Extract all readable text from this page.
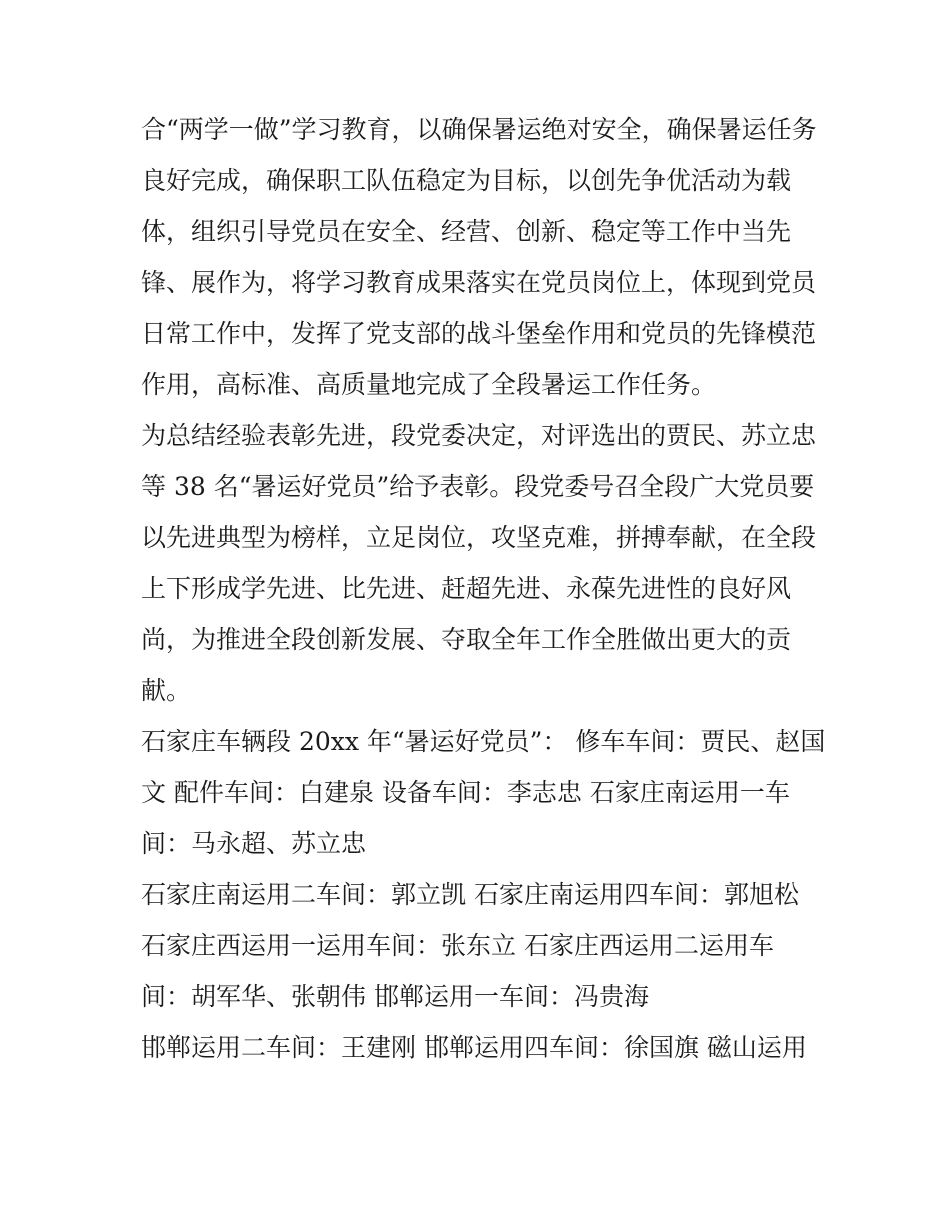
合“两学一做”学习教育，以确保暑运绝对安全，确保暑运任务
良好完成，确保职工队伍稳定为目标，以创先争优活动为载
体，组织引导党员在安全、经营、创新、稳定等工作中当先
锋、展作为，将学习教育成果落实在党员岗位上，体现到党员
日常工作中，发挥了党支部的战斗堡垒作用和党员的先锋模范
作用，高标准、高质量地完成了全段暑运工作任务。
为总结经验表彰先进，段党委决定，对评选出的贾民、苏立忠
等 38 名“暑运好党员”给予表彰。段党委号召全段广大党员要
以先进典型为榜样，立足岗位，攻坚克难，拼搏奉献，在全段
上下形成学先进、比先进、赶超先进、永葆先进性的良好风
尚，为推进全段创新发展、夺取全年工作全胜做出更大的贡
献。
石家庄车辆段 20xx 年“暑运好党员”： 修车车间：贾民、赵国
文 配件车间：白建泉 设备车间：李志忠 石家庄南运用一车
间：马永超、苏立忠
石家庄南运用二车间：郭立凯 石家庄南运用四车间：郭旭松
石家庄西运用一运用车间：张东立 石家庄西运用二运用车
间：胡军华、张朝伟 邯郸运用一车间：冯贵海
邯郸运用二车间：王建刚 邯郸运用四车间：徐国旗 磁山运用
